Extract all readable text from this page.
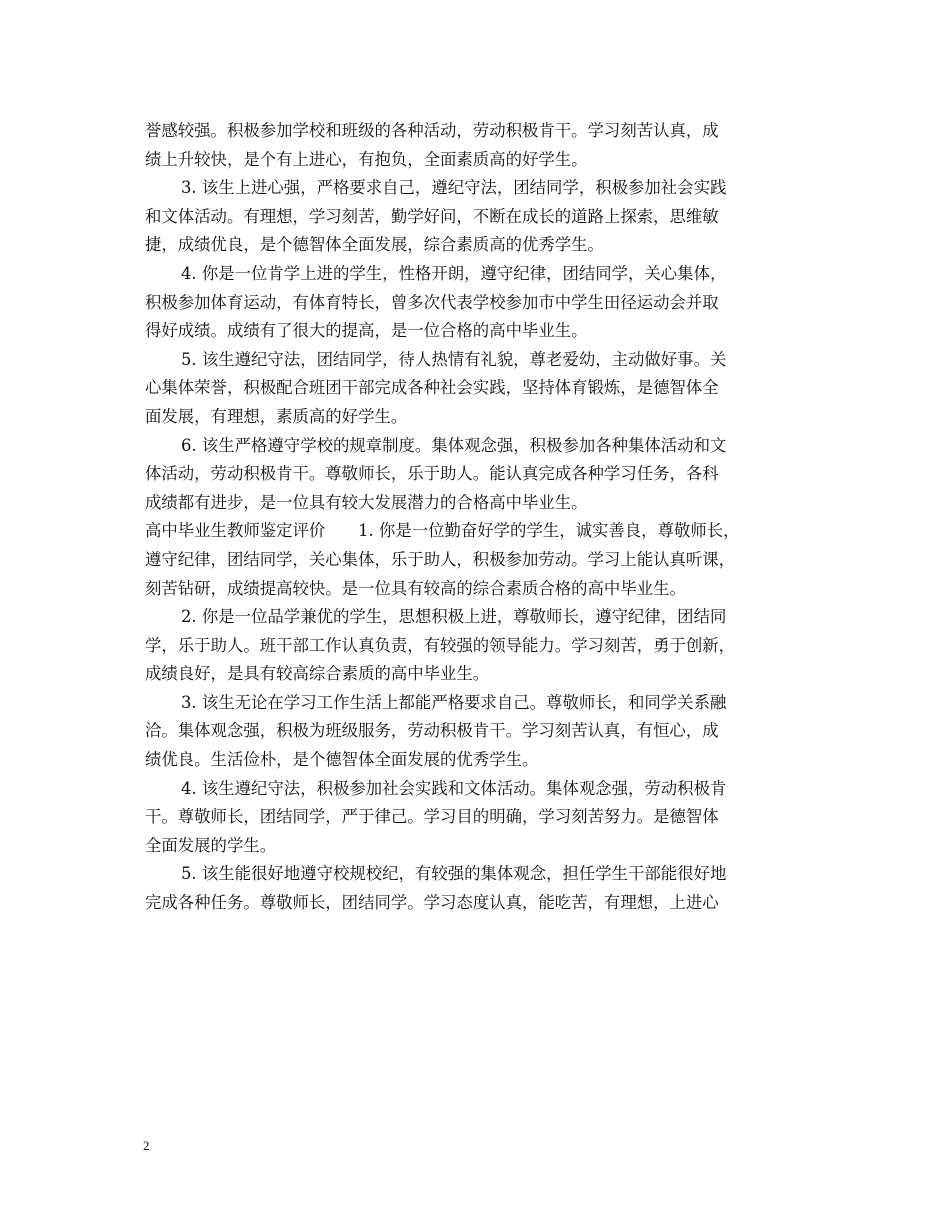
誉感较强。积极参加学校和班级的各种活动，劳动积极肯干。学习刻苦认真，成
绩上升较快，是个有上进心，有抱负，全面素质高的好学生。
3. 该生上进心强，严格要求自己，遵纪守法，团结同学，积极参加社会实践
和文体活动。有理想，学习刻苦，勤学好问，不断在成长的道路上探索，思维敏
捷，成绩优良，是个德智体全面发展，综合素质高的优秀学生。
4. 你是一位肯学上进的学生，性格开朗，遵守纪律，团结同学，关心集体，
积极参加体育运动，有体育特长，曾多次代表学校参加市中学生田径运动会并取
得好成绩。成绩有了很大的提高，是一位合格的高中毕业生。
5. 该生遵纪守法，团结同学，待人热情有礼貌，尊老爱幼，主动做好事。关
心集体荣誉，积极配合班团干部完成各种社会实践，坚持体育锻炼，是德智体全
面发展，有理想，素质高的好学生。
6. 该生严格遵守学校的规章制度。集体观念强，积极参加各种集体活动和文
体活动，劳动积极肯干。尊敬师长，乐于助人。能认真完成各种学习任务，各科
成绩都有进步，是一位具有较大发展潜力的合格高中毕业生。
高中毕业生教师鉴定评价　　1. 你是一位勤奋好学的学生，诚实善良，尊敬师长，
遵守纪律，团结同学，关心集体，乐于助人，积极参加劳动。学习上能认真听课，
刻苦钻研，成绩提高较快。是一位具有较高的综合素质合格的高中毕业生。
2. 你是一位品学兼优的学生，思想积极上进，尊敬师长，遵守纪律，团结同
学，乐于助人。班干部工作认真负责，有较强的领导能力。学习刻苦，勇于创新，
成绩良好，是具有较高综合素质的高中毕业生。
3. 该生无论在学习工作生活上都能严格要求自己。尊敬师长，和同学关系融
洽。集体观念强，积极为班级服务，劳动积极肯干。学习刻苦认真，有恒心，成
绩优良。生活俭朴，是个德智体全面发展的优秀学生。
4. 该生遵纪守法，积极参加社会实践和文体活动。集体观念强，劳动积极肯
干。尊敬师长，团结同学，严于律己。学习目的明确，学习刻苦努力。是德智体
全面发展的学生。
5. 该生能很好地遵守校规校纪，有较强的集体观念，担任学生干部能很好地
完成各种任务。尊敬师长，团结同学。学习态度认真，能吃苦，有理想，上进心

2
